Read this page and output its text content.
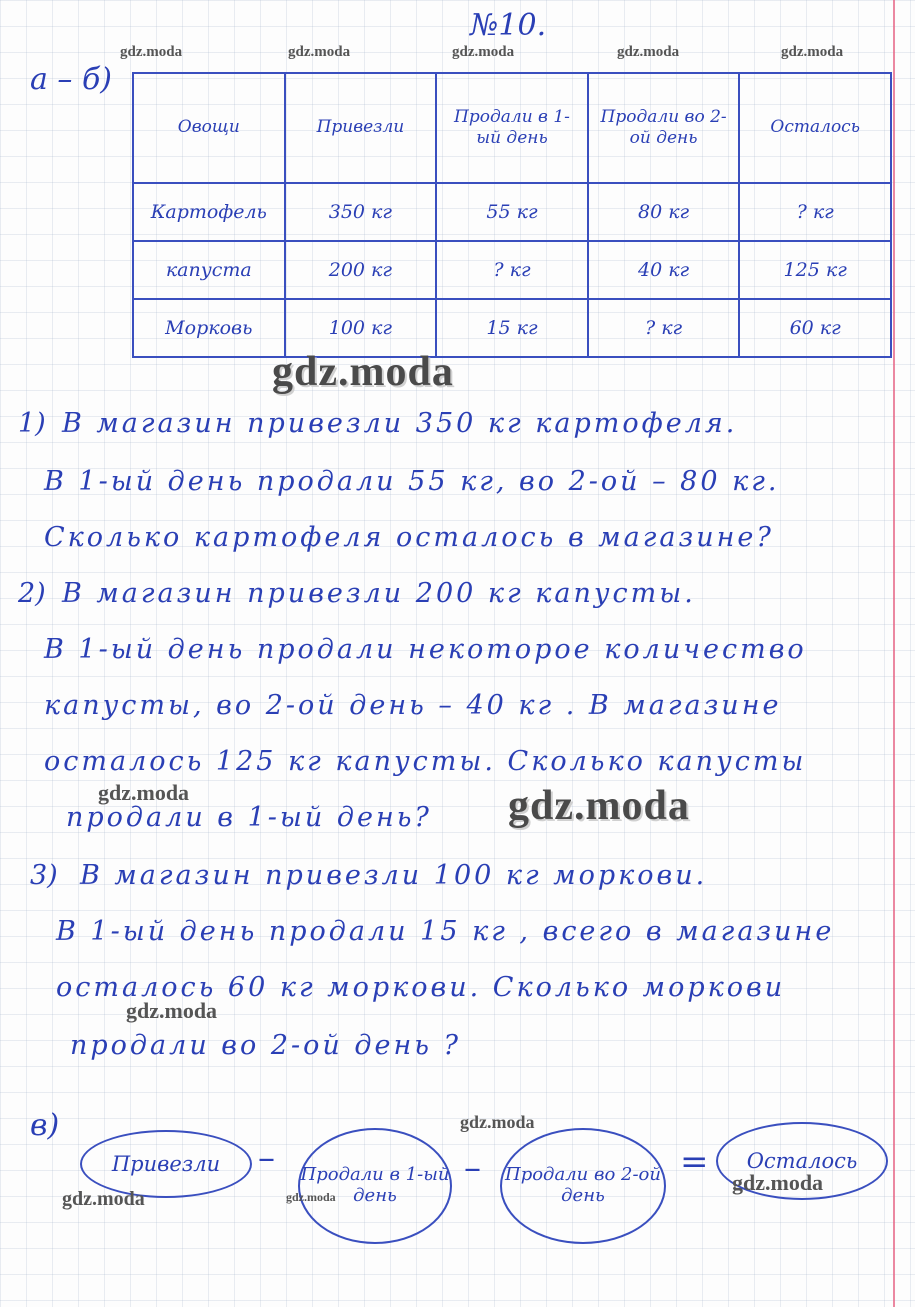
№10.
а – б)
gdz.moda	gdz.moda	gdz.moda	gdz.moda	gdz.moda
Овощи	Привезли	Продали в 1-ый день	Продали во 2-ой день	Осталось
Картофель	350 кг	55 кг	80 кг	? кг
капуста	200 кг	? кг	40 кг	125 кг
Морковь	100 кг	15 кг	? кг	60 кг
gdz.moda
1) В магазин привезли 350 кг картофеля.
В 1-ый день продали 55 кг, во 2-ой – 80 кг.
Сколько картофеля осталось в магазине?
2) В магазин привезли 200 кг капусты.
В 1-ый день продали некоторое количество
капусты, во 2-ой день – 40 кг . В магазине
осталось 125 кг капусты. Сколько капусты
продали в 1-ый день?
gdz.moda	gdz.moda
3) В магазин привезли 100 кг моркови.
В 1-ый день продали 15 кг , всего в магазине
осталось 60 кг моркови. Сколько моркови
продали во 2-ой день ?
gdz.moda
в)	gdz.moda
Привезли	– Продали в 1-ый день
– Продали во 2-ой день
=	Осталось
gdz.moda
gdz.moda
gdz.moda
